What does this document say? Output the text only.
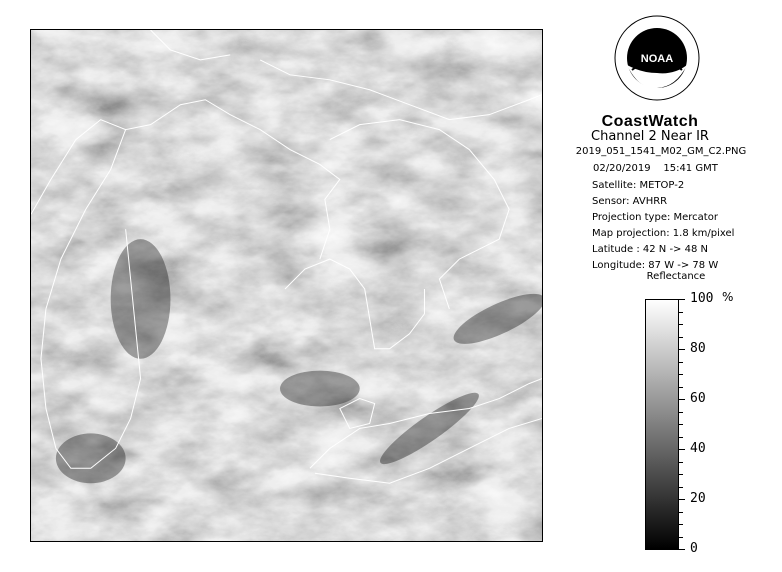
NOAA
CoastWatch
Channel 2 Near IR
2019_051_1541_M02_GM_C2.PNG
02/20/2019    15:41 GMT
Satellite: METOP-2
Sensor: AVHRR
Projection type: Mercator
Map projection: 1.8 km/pixel
Latitude : 42 N -> 48 N
Longitude: 87 W -> 78 W
Reflectance
%
100
80
60
40
20
0
